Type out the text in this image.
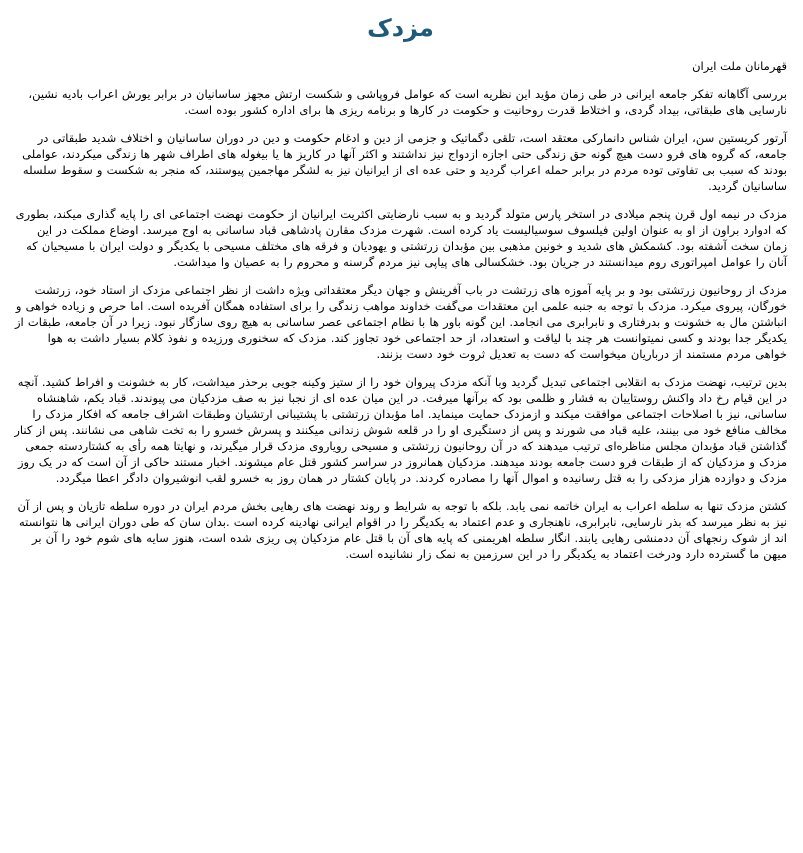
مزدک

قهرمانان ملت ایران

بررسی آگاهانه تفکر جامعه ایرانی در طی زمان مؤید این نظریه است که عوامل فروپاشی و شکست ارتش مجهز ساسانیان در برابر یورش اعراب بادیه نشین، نارسایی های طبقاتی، بیداد گردی، و اختلاط قدرت روحانیت و حکومت در کارها و برنامه ریزی ها برای اداره کشور بوده است.

آرتور کریستین سن، ایران شناس دانمارکی معتقد است، تلقی دگماتیک و جزمی از دین و ادغام حکومت و دین در دوران ساسانیان و اختلاف شدید طبقاتی در جامعه، که گروه های فرو دست هیچ گونه حق زندگی حتی اجازه ازدواج نیز نداشتند و اکثر آنها در کاریز ها یا بیغوله های اطراف شهر ها زندگی میکردند، عواملی بودند که سبب بی تفاوتی توده مردم در برابر حمله اعراب گردید و حتی عده ای از ایرانیان نیز به لشگر مهاجمین پیوستند، که منجر به شکست و سقوط سلسله ساسانیان گردید.

مزدک در نیمه اول قرن پنجم میلادی در استخر پارس متولد گردید و به سبب نارضایتی اکثریت ایرانیان از حکومت نهضت اجتماعی ای را پایه گذاری میکند، بطوری که ادوارد براون از او به عنوان اولین فیلسوف سوسیالیست یاد کرده است. شهرت مزدک مقارن پادشاهی قباد ساسانی به اوج میرسد. اوضاع مملکت در این زمان سخت آشفته بود. کشمکش های شدید و خونین مذهبی بین مؤبدان زرتشتی و یهودیان و فرقه های مختلف مسیحی با یکدیگر و دولت ایران با مسیحیان که آنان را عوامل امپراتوری روم میدانستند در جریان بود. خشکسالی های پیاپی نیز مردم گرسنه و محروم را به عصیان وا میداشت.

مزدک از روحانیون زرتشتی بود و بر پایه آموزه های زرتشت در باب آفرینش و جهان دیگر معتقداتی ویژه داشت از نظر اجتماعی مزدک از استاد خود، زرتشت خورگان، پیروی میکرد. مزدک با توجه به جنبه علمی این معتقدات می‌گفت خداوند مواهب زندگی را برای استفاده همگان آفریده است. اما حرص و زیاده خواهی و انباشتن مال به خشونت و بدرفتاری و نابرابری می انجامد. این گونه باور ها با نظام اجتماعی عصر ساسانی به هیچ روی سازگار نبود. زیرا در آن جامعه، طبقات از یکدیگر جدا بودند و کسی نمیتوانست هر چند با لیاقت و استعداد، از حد اجتماعی خود تجاوز کند. مزدک که سخنوری ورزیده و نفوذ کلام بسیار داشت به هوا خواهی مردم مستمند از درباریان میخواست که دست به تعدیل ثروت خود دست بزنند.

بدین ترتیب، نهضت مزدک به انقلابی اجتماعی تبدیل گردید وبا آنکه مزدک پیروان خود را از ستیز وکینه جویی برحذر میداشت، کار به خشونت و افراط کشید. آنچه در این قیام رخ داد واکنش روستاییان به فشار و ظلمی بود که برآنها میرفت. در این میان عده ای از نجبا نیز به صف مزدکیان می پیوندند. قباد یکم، شاهنشاه ساسانی، نیز با اصلاحات اجتماعی موافقت میکند و ازمزدک حمایت مینماید. اما مؤبدان زرتشتی با پشتیبانی ارتشیان وطبقات اشراف جامعه که افکار مزدک را مخالف منافع خود می بینند، علیه قباد می شورند و پس از دستگیری او را در قلعه شوش زندانی میکنند و پسرش خسرو را به تخت شاهی می نشانند. پس از کنار گذاشتن قباد مؤبدان مجلس مناظره‌ای ترتیب میدهند که در آن روحانیون زرتشتی و مسیحی رویاروی مزدک قرار میگیرند، و نهایتا همه رأی به کشتاردسته جمعی مزدک و مزدکیان که از طبقات فرو دست جامعه بودند میدهند. مزدکیان همانروز در سراسر کشور قتل عام میشوند. اخبار مستند حاکی از آن است که در یک روز مزدک و دوازده هزار مزدکی را به قتل رسانیده و اموال آنها را مصادره کردند. در پایان کشتار در همان روز به خسرو لقب انوشیروان دادگر اعطا میگردد.

کشتن مزدک تنها به سلطه اعراب به ایران خاتمه نمی یابد. بلکه با توجه به شرایط و روند نهضت های رهایی بخش مردم ایران در دوره سلطه تازیان و پس از آن نیز به نظر میرسد که بذر نارسایی، نابرابری، ناهنجاری و عدم اعتماد به یکدیگر را در اقوام ایرانی نهادینه کرده است .بدان سان که طی دوران ایرانی ها نتوانسته اند از شوک رنجهای آن ددمنشی رهایی یابند. انگار سلطه اهریمنی که پایه های آن با قتل عام مزدکیان پی ریزی شده است، هنوز سایه های شوم خود را آن بر میهن ما گسترده دارد ودرخت اعتماد به یکدیگر را در این سرزمین به نمک زار نشانیده است.
